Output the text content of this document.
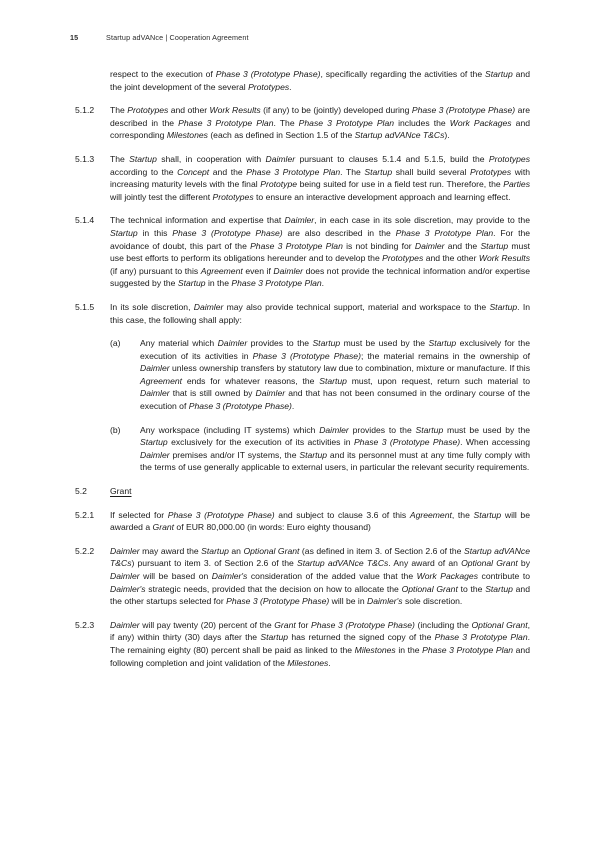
15	Startup adVANce | Cooperation Agreement
respect to the execution of Phase 3 (Prototype Phase), specifically regarding the activities of the Startup and the joint development of the several Prototypes.
5.1.2	The Prototypes and other Work Results (if any) to be (jointly) developed during Phase 3 (Prototype Phase) are described in the Phase 3 Prototype Plan. The Phase 3 Prototype Plan includes the Work Packages and corresponding Milestones (each as defined in Section 1.5 of the Startup adVANce T&Cs).
5.1.3	The Startup shall, in cooperation with Daimler pursuant to clauses 5.1.4 and 5.1.5, build the Prototypes according to the Concept and the Phase 3 Prototype Plan. The Startup shall build several Prototypes with increasing maturity levels with the final Prototype being suited for use in a field test run. Therefore, the Parties will jointly test the different Prototypes to ensure an interactive development approach and learning effect.
5.1.4	The technical information and expertise that Daimler, in each case in its sole discretion, may provide to the Startup in this Phase 3 (Prototype Phase) are also described in the Phase 3 Prototype Plan. For the avoidance of doubt, this part of the Phase 3 Prototype Plan is not binding for Daimler and the Startup must use best efforts to perform its obligations hereunder and to develop the Prototypes and the other Work Results (if any) pursuant to this Agreement even if Daimler does not provide the technical information and/or expertise suggested by the Startup in the Phase 3 Prototype Plan.
5.1.5	In its sole discretion, Daimler may also provide technical support, material and workspace to the Startup. In this case, the following shall apply:
(a)	Any material which Daimler provides to the Startup must be used by the Startup exclusively for the execution of its activities in Phase 3 (Prototype Phase); the material remains in the ownership of Daimler unless ownership transfers by statutory law due to combination, mixture or manufacture. If this Agreement ends for whatever reasons, the Startup must, upon request, return such material to Daimler that is still owned by Daimler and that has not been consumed in the ordinary course of the execution of Phase 3 (Prototype Phase).
(b)	Any workspace (including IT systems) which Daimler provides to the Startup must be used by the Startup exclusively for the execution of its activities in Phase 3 (Prototype Phase). When accessing Daimler premises and/or IT systems, the Startup and its personnel must at any time fully comply with the terms of use generally applicable to external users, in particular the relevant security requirements.
5.2	Grant
5.2.1	If selected for Phase 3 (Prototype Phase) and subject to clause 3.6 of this Agreement, the Startup will be awarded a Grant of EUR 80,000.00 (in words: Euro eighty thousand)
5.2.2	Daimler may award the Startup an Optional Grant (as defined in item 3. of Section 2.6 of the Startup adVANce T&Cs) pursuant to item 3. of Section 2.6 of the Startup adVANce T&Cs. Any award of an Optional Grant by Daimler will be based on Daimler's consideration of the added value that the Work Packages contribute to Daimler's strategic needs, provided that the decision on how to allocate the Optional Grant to the Startup and the other startups selected for Phase 3 (Prototype Phase) will be in Daimler's sole discretion.
5.2.3	Daimler will pay twenty (20) percent of the Grant for Phase 3 (Prototype Phase) (including the Optional Grant, if any) within thirty (30) days after the Startup has returned the signed copy of the Phase 3 Prototype Plan. The remaining eighty (80) percent shall be paid as linked to the Milestones in the Phase 3 Prototype Plan and following completion and joint validation of the Milestones.
